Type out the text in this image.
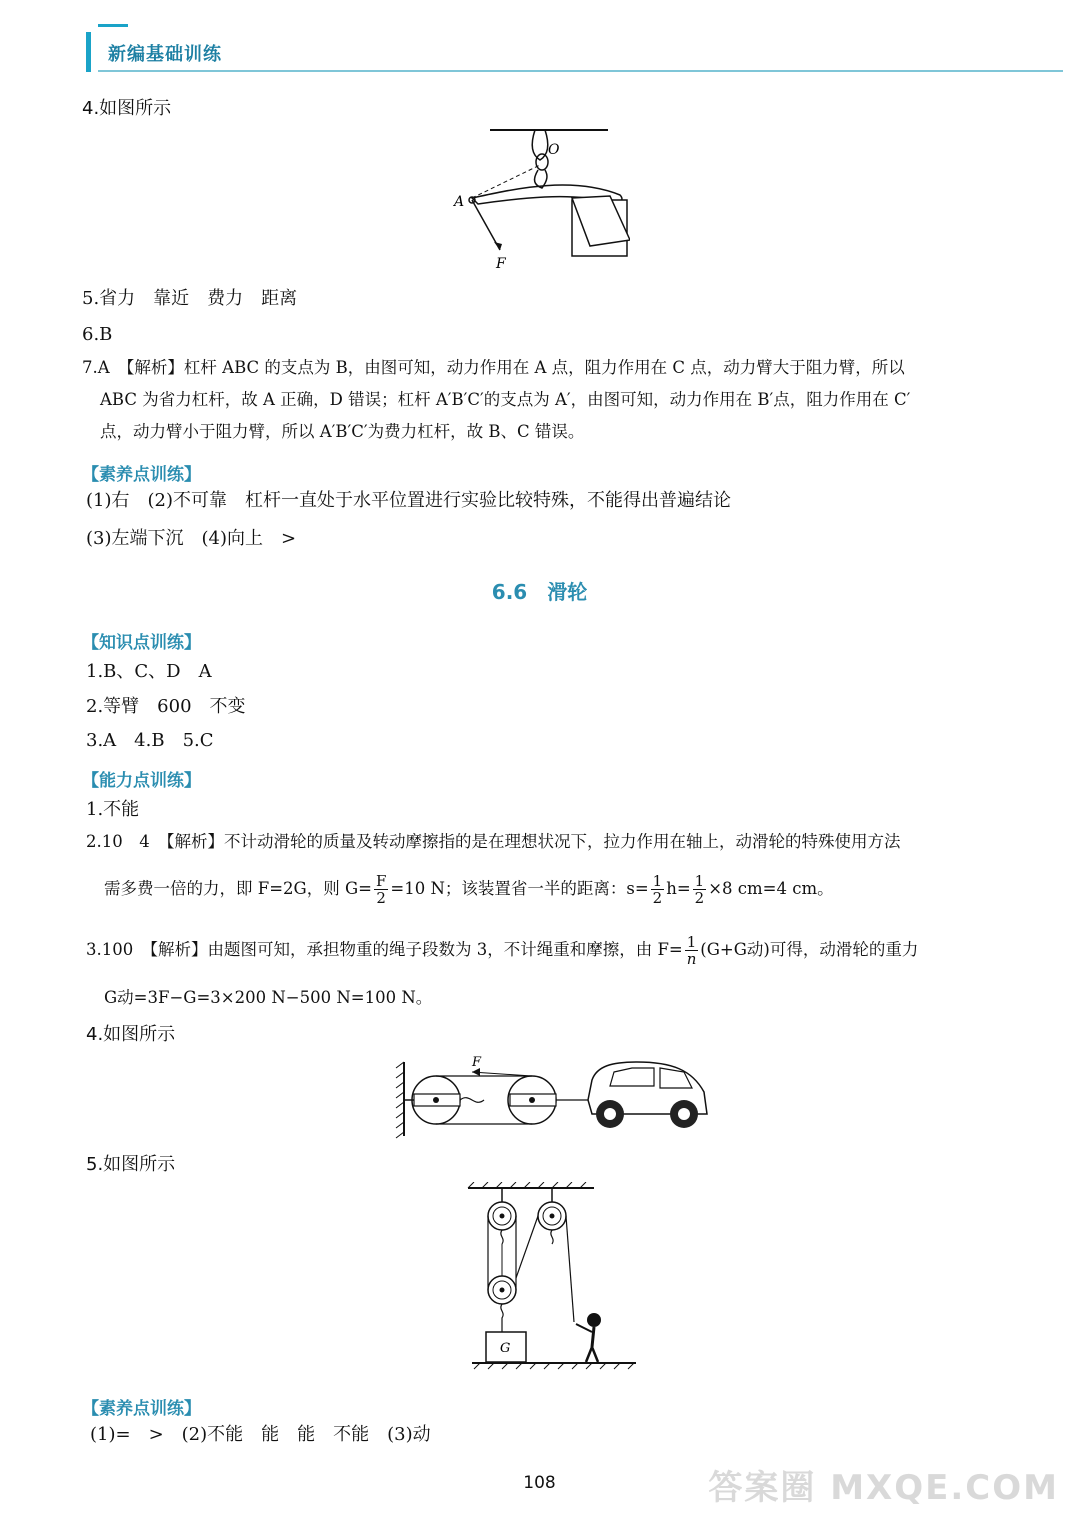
新编基础训练
4.如图所示
O
A
F
5.省力　靠近　费力　距离
6.B
7.A　【解析】杠杆 ABC 的支点为 B，由图可知，动力作用在 A 点，阻力作用在 C 点，动力臂大于阻力臂，所以
ABC 为省力杠杆，故 A 正确，D 错误；杠杆 A′B′C′的支点为 A′，由图可知，动力作用在 B′点，阻力作用在 C′
点，动力臂小于阻力臂，所以 A′B′C′为费力杠杆，故 B、C 错误。
【素养点训练】
(1)右　(2)不可靠　杠杆一直处于水平位置进行实验比较特殊，不能得出普遍结论
(3)左端下沉　(4)向上　>
6.6　滑轮
【知识点训练】
1.B、C、D　A
2.等臂　600　不变
3.A　4.B　5.C
【能力点训练】
1.不能
2.10　4　【解析】不计动滑轮的质量及转动摩擦指的是在理想状况下，拉力作用在轴上，动滑轮的特殊使用方法
需多费一倍的力，即 F=2G，则 $G= \frac{F}{2} =10$ N；该装置省一半的距离：$s= \frac{1}{2} h= \frac{1}{2} \times 8$ cm=4 cm。
3.100　【解析】由题图可知，承担物重的绳子段数为 3，不计绳重和摩擦，由 $F= \frac{1}{n} (G+G$动)可得，动滑轮的重力
G动=3F−G=3×200 N−500 N=100 N。
4.如图所示
F
5.如图所示
G
【素养点训练】
(1)=　>　(2)不能　能　能　不能　(3)动
108	答案圈 MXQE.COM
